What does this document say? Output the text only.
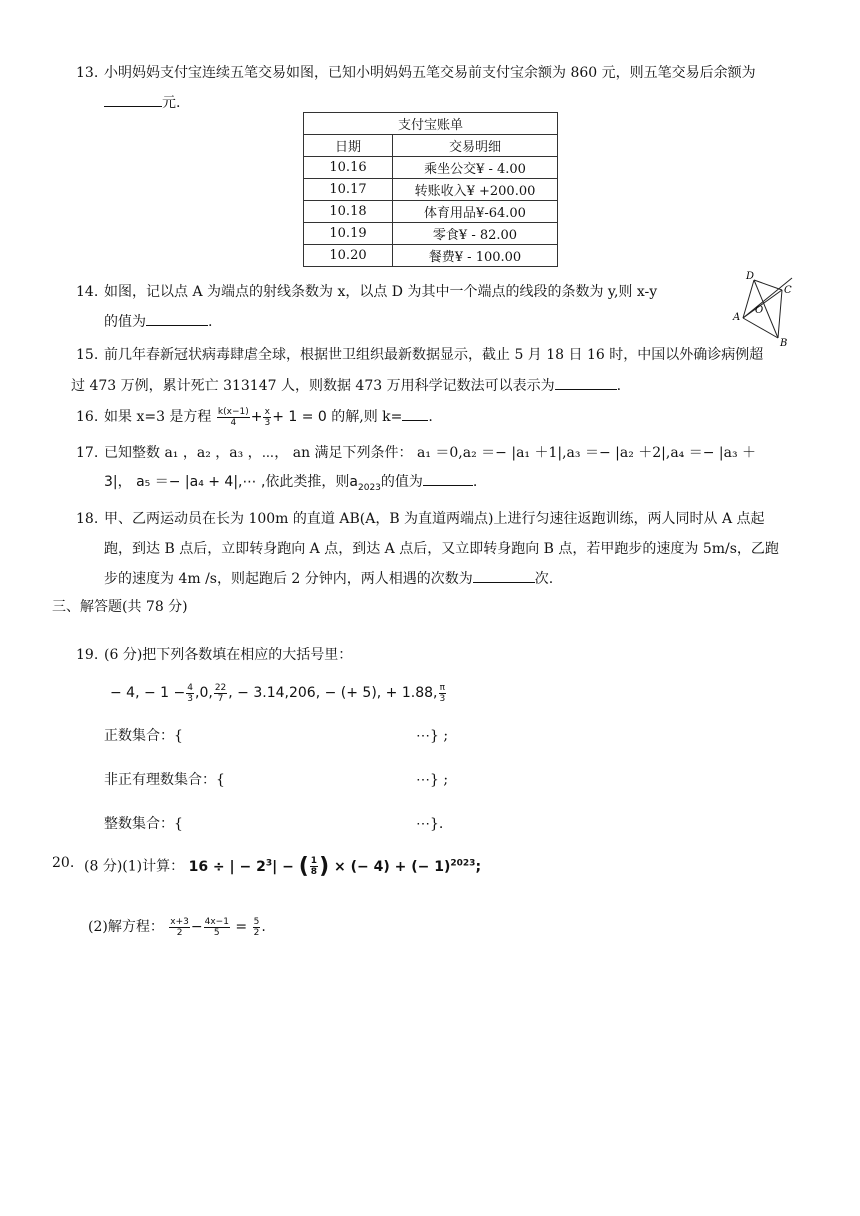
13. 小明妈妈支付宝连续五笔交易如图，已知小明妈妈五笔交易前支付宝余额为 860 元，则五笔交易后余额为
元.
支付宝账单	
日期	交易明细
10.16	乘坐公交¥ - 4.00
10.17	转账收入¥ +200.00
10.18	体育用品¥-64.00
10.19	零食¥ - 82.00
10.20	餐费¥ - 100.00
14. 如图，记以点 A 为端点的射线条数为 x，以点 D 为其中一个端点的线段的条数为 y,则 x-y
的值为	.
D
C
A
O
B
15. 前几年春新冠状病毒肆虐全球，根据世卫组织最新数据显示，截止 5 月 18 日 16 时，中国以外确诊病例超
过 473 万例，累计死亡 313147 人，则数据 473 万用科学记数法可以表示为	.
16. 如果 x=3 是方程 $\frac{k(x-1)}{4} + \frac{x}{3} + 1 = 0$ 的解,则 k= .
17. 已知整数 a₁ ，a₂ ，a₃ ，⋯， an 满足下列条件： a₁ ＝0,a₂ ＝− |a₁ ＋1|,a₃ ＝− |a₂ ＋2|,a₄ ＝− |a₃ ＋
3|， a₅ ＝− |a₄ + 4|,⋯ ,依此类推，则$a_{2023}$的值为	.
18. 甲、乙两运动员在长为 100m 的直道 AB(A，B 为直道两端点)上进行匀速往返跑训练，两人同时从 A 点起
跑，到达 B 点后，立即转身跑向 A 点，到达 A 点后，又立即转身跑向 B 点，若甲跑步的速度为 5m/s，乙跑
步的速度为 4m /s，则起跑后 2 分钟内，两人相遇的次数为	次.
三、解答题(共 78 分)
19. (6 分)把下列各数填在相应的大括号里：
− 4, − $1 - \frac{4}{3} ,0$, $\frac{22}{7}$ , − 3.14,206, − (+ 5), + 1.88, $\frac{\pi}{3}$
正数集合：{	⋯} ;
非正有理数集合：{	⋯} ;
整数集合：{	⋯}.
20. (8 分)(1)计算： 16 ÷ | − $2^3|$ − ( $\frac{1}{8}$ ) × (− 4) + (− 1)$^{2023}$;
(2)解方程： $\frac{x+3}{2} - \frac{4x-1}{5} = \frac{5}{2}$ .
